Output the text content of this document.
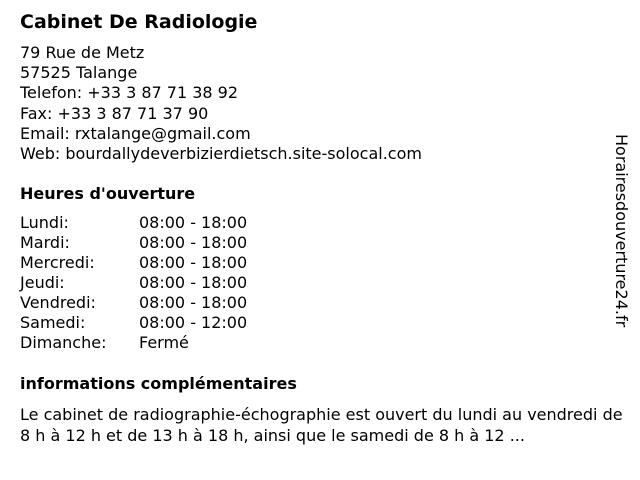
Cabinet De Radiologie
79 Rue de Metz
57525 Talange
Telefon: +33 3 87 71 38 92
Fax: +33 3 87 71 37 90
Email: rxtalange@gmail.com
Web: bourdallydeverbizierdietsch.site-solocal.com
Heures d'ouverture
Lundi:	08:00 - 18:00
Mardi:	08:00 - 18:00
Mercredi:	08:00 - 18:00
Jeudi:	08:00 - 18:00
Vendredi:	08:00 - 18:00
Samedi:	08:00 - 12:00
Dimanche: Fermé
informations complémentaires
Le cabinet de radiographie-échographie est ouvert du lundi au vendredi de 8 h à 12 h et de 13 h à 18 h, ainsi que le samedi de 8 h à 12 ...
Horairesdouverture24.fr
